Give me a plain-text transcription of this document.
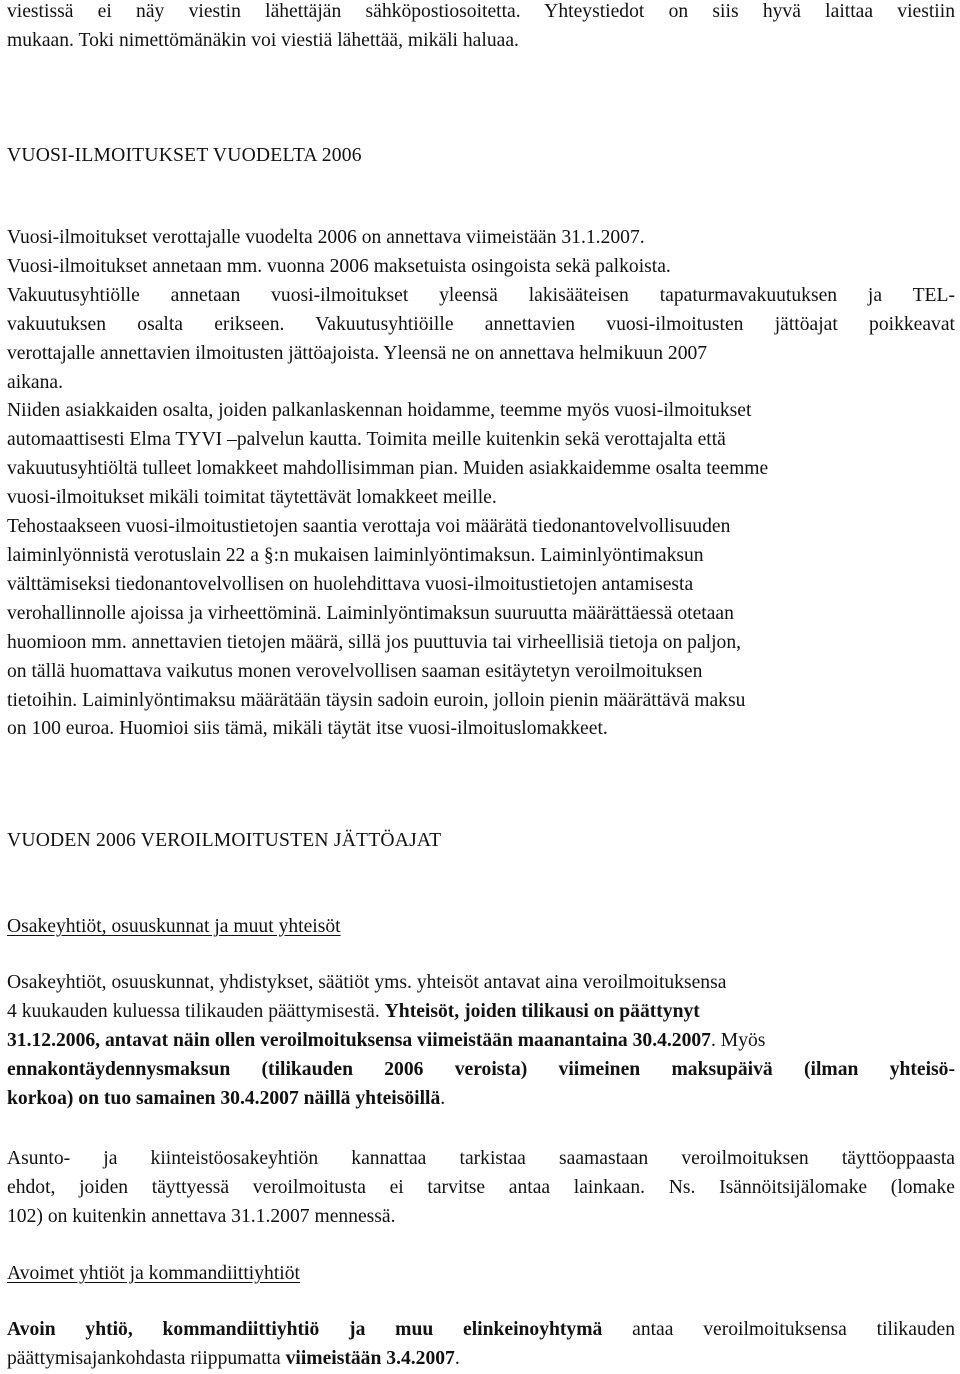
viestissä ei näy viestin lähettäjän sähköpostiosoitetta. Yhteystiedot on siis hyvä laittaa viestiin
mukaan. Toki nimettömänäkin voi viestiä lähettää, mikäli haluaa.

VUOSI-ILMOITUKSET VUODELTA 2006

Vuosi-ilmoitukset verottajalle vuodelta 2006 on annettava viimeistään 31.1.2007.
Vuosi-ilmoitukset annetaan mm. vuonna 2006 maksetuista osingoista sekä palkoista.
Vakuutusyhtiölle annetaan vuosi-ilmoitukset yleensä lakisääteisen tapaturmavakuutuksen ja TEL-
vakuutuksen osalta erikseen. Vakuutusyhtiöille annettavien vuosi-ilmoitusten jättöajat poikkeavat
verottajalle annettavien ilmoitusten jättöajoista. Yleensä ne on annettava helmikuun 2007
aikana.
Niiden asiakkaiden osalta, joiden palkanlaskennan hoidamme, teemme myös vuosi-ilmoitukset
automaattisesti Elma TYVI –palvelun kautta. Toimita meille kuitenkin sekä verottajalta että
vakuutusyhtiöltä tulleet lomakkeet mahdollisimman pian. Muiden asiakkaidemme osalta teemme
vuosi-ilmoitukset mikäli toimitat täytettävät lomakkeet meille.
Tehostaakseen vuosi-ilmoitustietojen saantia verottaja voi määrätä tiedonantovelvollisuuden
laiminlyönnistä verotuslain 22 a §:n mukaisen laiminlyöntimaksun. Laiminlyöntimaksun
välttämiseksi tiedonantovelvollisen on huolehdittava vuosi-ilmoitustietojen antamisesta
verohallinnolle ajoissa ja virheettöminä. Laiminlyöntimaksun suuruutta määrättäessä otetaan
huomioon mm. annettavien tietojen määrä, sillä jos puuttuvia tai virheellisiä tietoja on paljon,
on tällä huomattava vaikutus monen verovelvollisen saaman esitäytetyn veroilmoituksen
tietoihin. Laiminlyöntimaksu määrätään täysin sadoin euroin, jolloin pienin määrättävä maksu
on 100 euroa. Huomioi siis tämä, mikäli täytät itse vuosi-ilmoituslomakkeet.

VUODEN 2006 VEROILMOITUSTEN JÄTTÖAJAT
Osakeyhtiöt, osuuskunnat ja muut yhteisöt

Osakeyhtiöt, osuuskunnat, yhdistykset, säätiöt yms. yhteisöt antavat aina veroilmoituksensa
4 kuukauden kuluessa tilikauden päättymisestä. Yhteisöt, joiden tilikausi on päättynyt
31.12.2006, antavat näin ollen veroilmoituksensa viimeistään maanantaina 30.4.2007. Myös
ennakontäydennysmaksun (tilikauden 2006 veroista) viimeinen maksupäivä (ilman yhteisö-
korkoa) on tuo samainen 30.4.2007 näillä yhteisöillä.

Asunto- ja kiinteistöosakeyhtiön kannattaa tarkistaa saamastaan veroilmoituksen täyttöoppaasta
ehdot, joiden täyttyessä veroilmoitusta ei tarvitse antaa lainkaan. Ns. Isännöitsijälomake (lomake
102) on kuitenkin annettava 31.1.2007 mennessä.

Avoimet yhtiöt ja kommandiittiyhtiöt

Avoin yhtiö, kommandiittiyhtiö ja muu elinkeinoyhtymä antaa veroilmoituksensa tilikauden
päättymisajankohdasta riippumatta viimeistään 3.4.2007.
